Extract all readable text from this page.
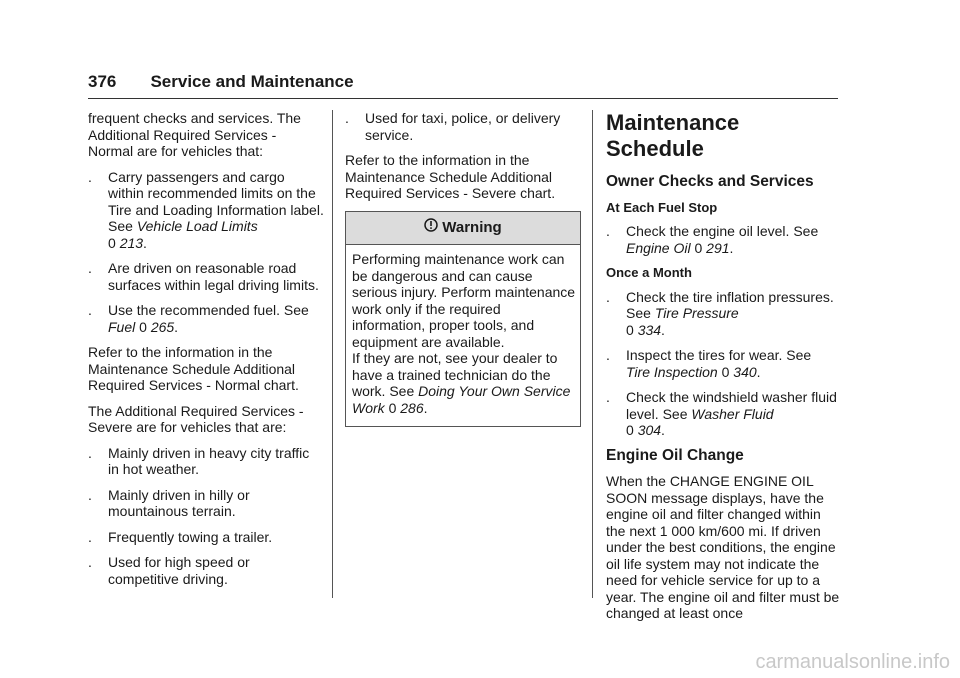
376 Service and Maintenance

frequent checks and services. The Additional Required Services - Normal are for vehicles that:

.	Carry passengers and cargo within recommended limits on the Tire and Loading Information label. See Vehicle Load Limits
0 213.
.	Are driven on reasonable road surfaces within legal driving limits.
.	Use the recommended fuel. See
Fuel 0 265.

Refer to the information in the Maintenance Schedule Additional Required Services - Normal chart.

The Additional Required Services - Severe are for vehicles that are:

.	Mainly driven in heavy city traffic in hot weather.
.	Mainly driven in hilly or mountainous terrain.
.	Frequently towing a trailer.
.	Used for high speed or competitive driving.
.	Used for taxi, police, or delivery service.

Refer to the information in the Maintenance Schedule Additional Required Services - Severe chart.

Warning
Performing maintenance work can be dangerous and can cause serious injury. Perform maintenance work only if the required information, proper tools, and equipment are available.
If they are not, see your dealer to have a trained technician do the work. See Doing Your Own Service Work 0 286.
Maintenance
Schedule
Owner Checks and Services
At Each Fuel Stop
.	Check the engine oil level. See
Engine Oil 0 291.
Once a Month
.	Check the tire inflation pressures. See Tire Pressure
0 334.
.	Inspect the tires for wear. See
Tire Inspection 0 340.
.	Check the windshield washer fluid level. See Washer Fluid
0 304.
Engine Oil Change

When the CHANGE ENGINE OIL SOON message displays, have the engine oil and filter changed within the next 1 000 km/600 mi. If driven under the best conditions, the engine oil life system may not indicate the need for vehicle service for up to a year. The engine oil and filter must be changed at least once

carmanualsonline.info
